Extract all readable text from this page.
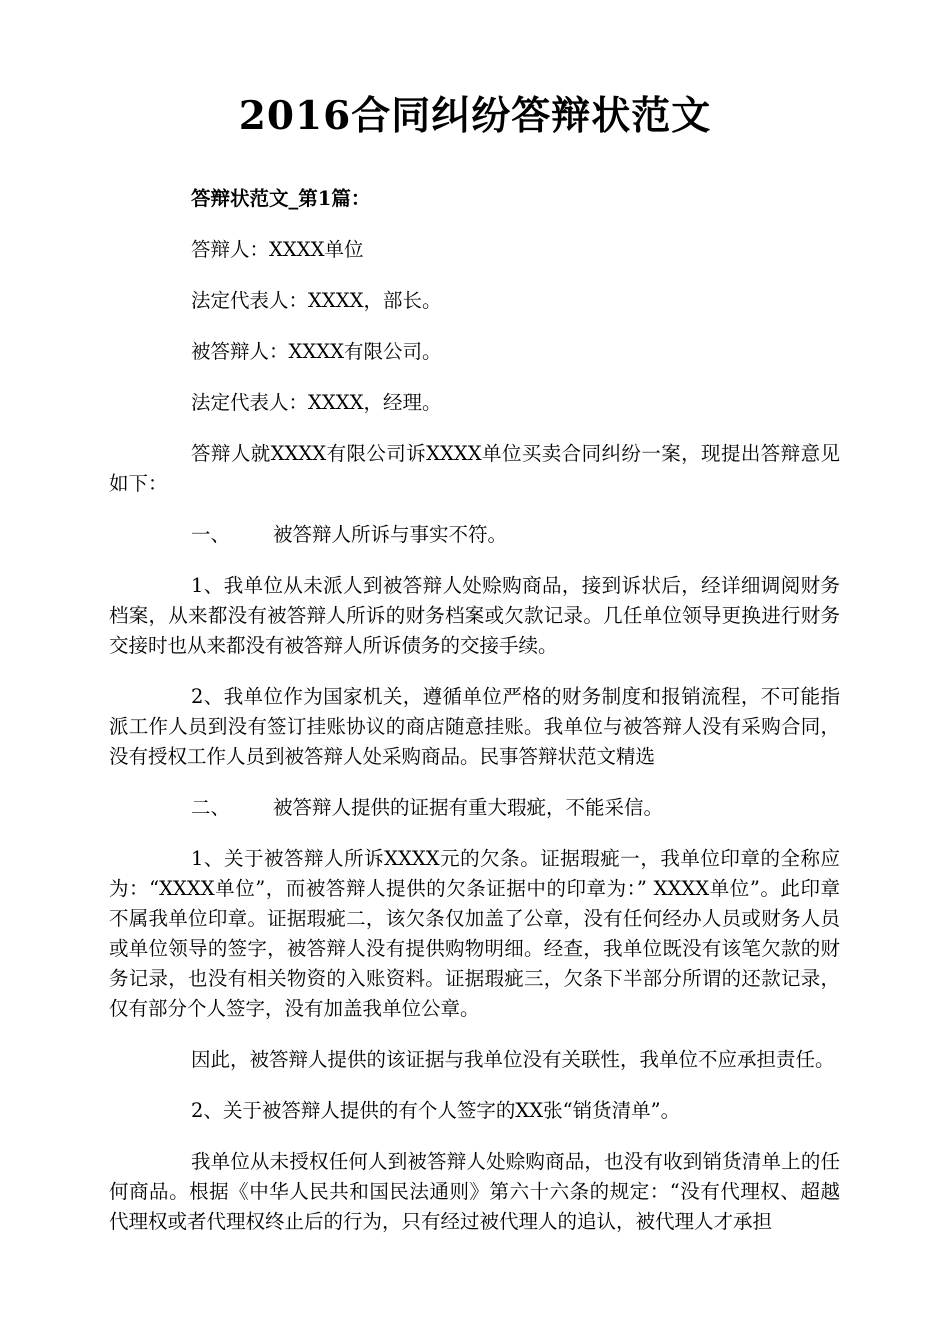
2016合同纠纷答辩状范文

答辩状范文_第1篇：

答辩人：XXXX单位

法定代表人：XXXX，部长。

被答辩人：XXXX有限公司。

法定代表人：XXXX，经理。

答辩人就XXXX有限公司诉XXXX单位买卖合同纠纷一案，现提出答辩意见如下：

一、 被答辩人所诉与事实不符。

1、我单位从未派人到被答辩人处赊购商品，接到诉状后，经详细调阅财务档案，从来都没有被答辩人所诉的财务档案或欠款记录。几任单位领导更换进行财务交接时也从来都没有被答辩人所诉债务的交接手续。

2、我单位作为国家机关，遵循单位严格的财务制度和报销流程，不可能指派工作人员到没有签订挂账协议的商店随意挂账。我单位与被答辩人没有采购合同，没有授权工作人员到被答辩人处采购商品。民事答辩状范文精选

二、 被答辩人提供的证据有重大瑕疵，不能采信。

1、关于被答辩人所诉XXXX元的欠条。证据瑕疵一，我单位印章的全称应为：“XXXX单位”，而被答辩人提供的欠条证据中的印章为：” XXXX单位”。此印章不属我单位印章。证据瑕疵二，该欠条仅加盖了公章，没有任何经办人员或财务人员或单位领导的签字，被答辩人没有提供购物明细。经查，我单位既没有该笔欠款的财务记录，也没有相关物资的入账资料。证据瑕疵三，欠条下半部分所谓的还款记录，仅有部分个人签字，没有加盖我单位公章。

因此，被答辩人提供的该证据与我单位没有关联性，我单位不应承担责任。

2、关于被答辩人提供的有个人签字的XX张“销货清单”。

我单位从未授权任何人到被答辩人处赊购商品，也没有收到销货清单上的任何商品。根据《中华人民共和国民法通则》第六十六条的规定：“没有代理权、超越代理权或者代理权终止后的行为，只有经过被代理人的追认，被代理人才承担
